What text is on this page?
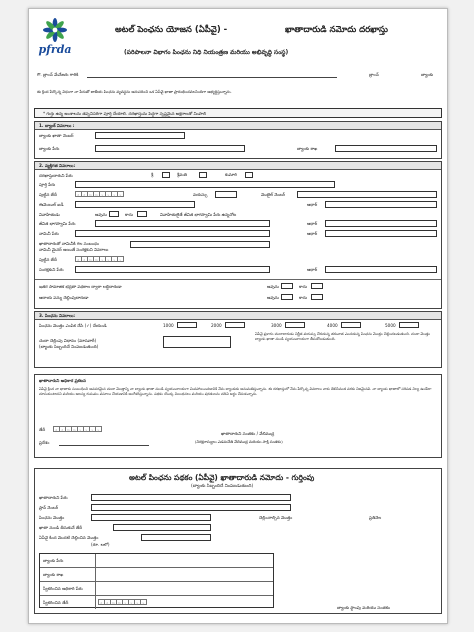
pfrda
అటల్ పెంఛను యోజన (ఏపీవై) -	ఖాతాదారుడి నమోదు దరఖాస్తు
(పరిపాలనా విభాగం పింఛను నిధి నియంత్రణ మరియు అభివృద్ధి సంస్థ)
గౌ. బ్రాంచ్ మేనేజరు గారికి	బ్రాంచ్	బ్యాంకు
ఈ క్రింద పేర్కొన్న విధంగా నా పేరుతో జాతీయ పింఛను వ్యవస్థను అనుసరించి ఒక ఏపీవై ఖాతా ప్రారంభించవలసిందిగా అభ్యర్థిస్తున్నాను.
* గుర్తు ఉన్న అంశాలను తప్పనిసరిగా పూర్తి చేయాలి. దరఖాస్తును పెద్దగా స్పష్టమైన అక్షరాలతో నింపాలి
1. బ్యాంక్ వివరాలు :
బ్యాంకు ఖాతా నెంబర్
బ్యాంకు పేరు	బ్యాంకు శాఖ
2. వ్యక్తిగత వివరాలు:
దరఖాస్తుదారుని పేరు	శ్రీ	శ్రీమతి	కుమారి
పూర్తి పేరు
పుట్టిన తేదీ	d	d	m	m	y	y	y	y	వయస్సు	మొబైల్ నెంబర్
ఈమెయిల్ ఐడీ	ఆధార్
వివాహితుడు	అవును	కాదు	వివాహితులైతే జీవిత భాగస్వామి పేరు ఉన్నచోట
జీవిత భాగస్వామి పేరు	ఆధార్
నామినీ పేరు	ఆధార్
ఖాతాదారుతో నామినీకి గల సంబంధం
నామినీ మైనర్ అయితే సంరక్షకుని వివరాలు
పుట్టిన తేదీ	d	d	m	m	y	y	y	y
సంరక్షకుని పేరు	ఆధార్
ఇతర సామాజిక భద్రతా పథకాల ద్వారా లబ్ధిదారుడా	అవును	కాదు
ఆదాయ పన్ను చెల్లింపుదారుడా	అవును	కాదు
3. పింఛను వివరాలు:
పింఛను మొత్తం ఎంపిక చేసి (✓) చేయండి	1000	2000	3000	4000	5000
చందా చెల్లింపు విధానం (మాసవారీ)
(బ్యాంకు సిబ్బందిచే నింపబడుతుంది)
ఏపీవై ప్రకారం చందాదారుడు నిర్ణీత వయస్సు చేరుకున్న తరువాత ఎంచుకున్న పింఛను మొత్తం చెల్లించబడుతుంది. చందా మొత్తం బ్యాంకు ఖాతా నుండి స్వయంచాలకంగా తీసుకోబడుతుంది.
ఖాతాదారుని అధికార ప్రకటన
ఏపీవై క్రింద నా ఖాతాకు సంబంధించి అవసరమైన చందా మొత్తాన్ని నా బ్యాంకు ఖాతా నుండి స్వయంచాలకంగా మినహాయించడానికి నేను బ్యాంకుకు అనుమతిస్తున్నాను. ఈ దరఖాస్తులో నేను పేర్కొన్న వివరాలు నాకు తెలిసినంత వరకు నిజమైనవి. నా బ్యాంకు ఖాతాలో సరిపడ నిల్వ ఉండేలా చూసుకుంటానని మరియు ఆలస్య రుసుము వసూలు చేయడానికి అంగీకరిస్తున్నాను. పథకం యొక్క నిబంధనలు మరియు షరతులను చదివి అర్థం చేసుకున్నాను.
తేదీ	d	d	m	m	y	y	y	y
ప్రదేశం
ఖాతాదారుని సంతకం / వేలిముద్ర
(నిరక్షరాస్యులు ఎడమచేతి వేలిముద్ర మరియు సాక్షి సంతకం)
అటల్ పింఛను పథకం (ఏపీవై) ఖాతాదారుడి నమోదు - గుర్తింపు
(బ్యాంకు సిబ్బందిచే నింపబడుతుంది)
ఖాతాదారుని పేరు
ప్రాన్ నెంబర్
పింఛను మొత్తం	చెల్లించాల్సిన మొత్తం	ప్రతినెల
ఖాతా నుండి తీసుకునే తేదీ
ఏపీవై కింద మొదటి చెల్లించిన మొత్తం
(రూ. లలో)
బ్యాంకు పేరు
బ్యాంకు శాఖ
స్వీకరించిన అధికారి పేరు
స్వీకరించిన తేదీ	d	d	m	m	y	y	y	y
బ్యాంకు స్టాంపు మరియు సంతకం
